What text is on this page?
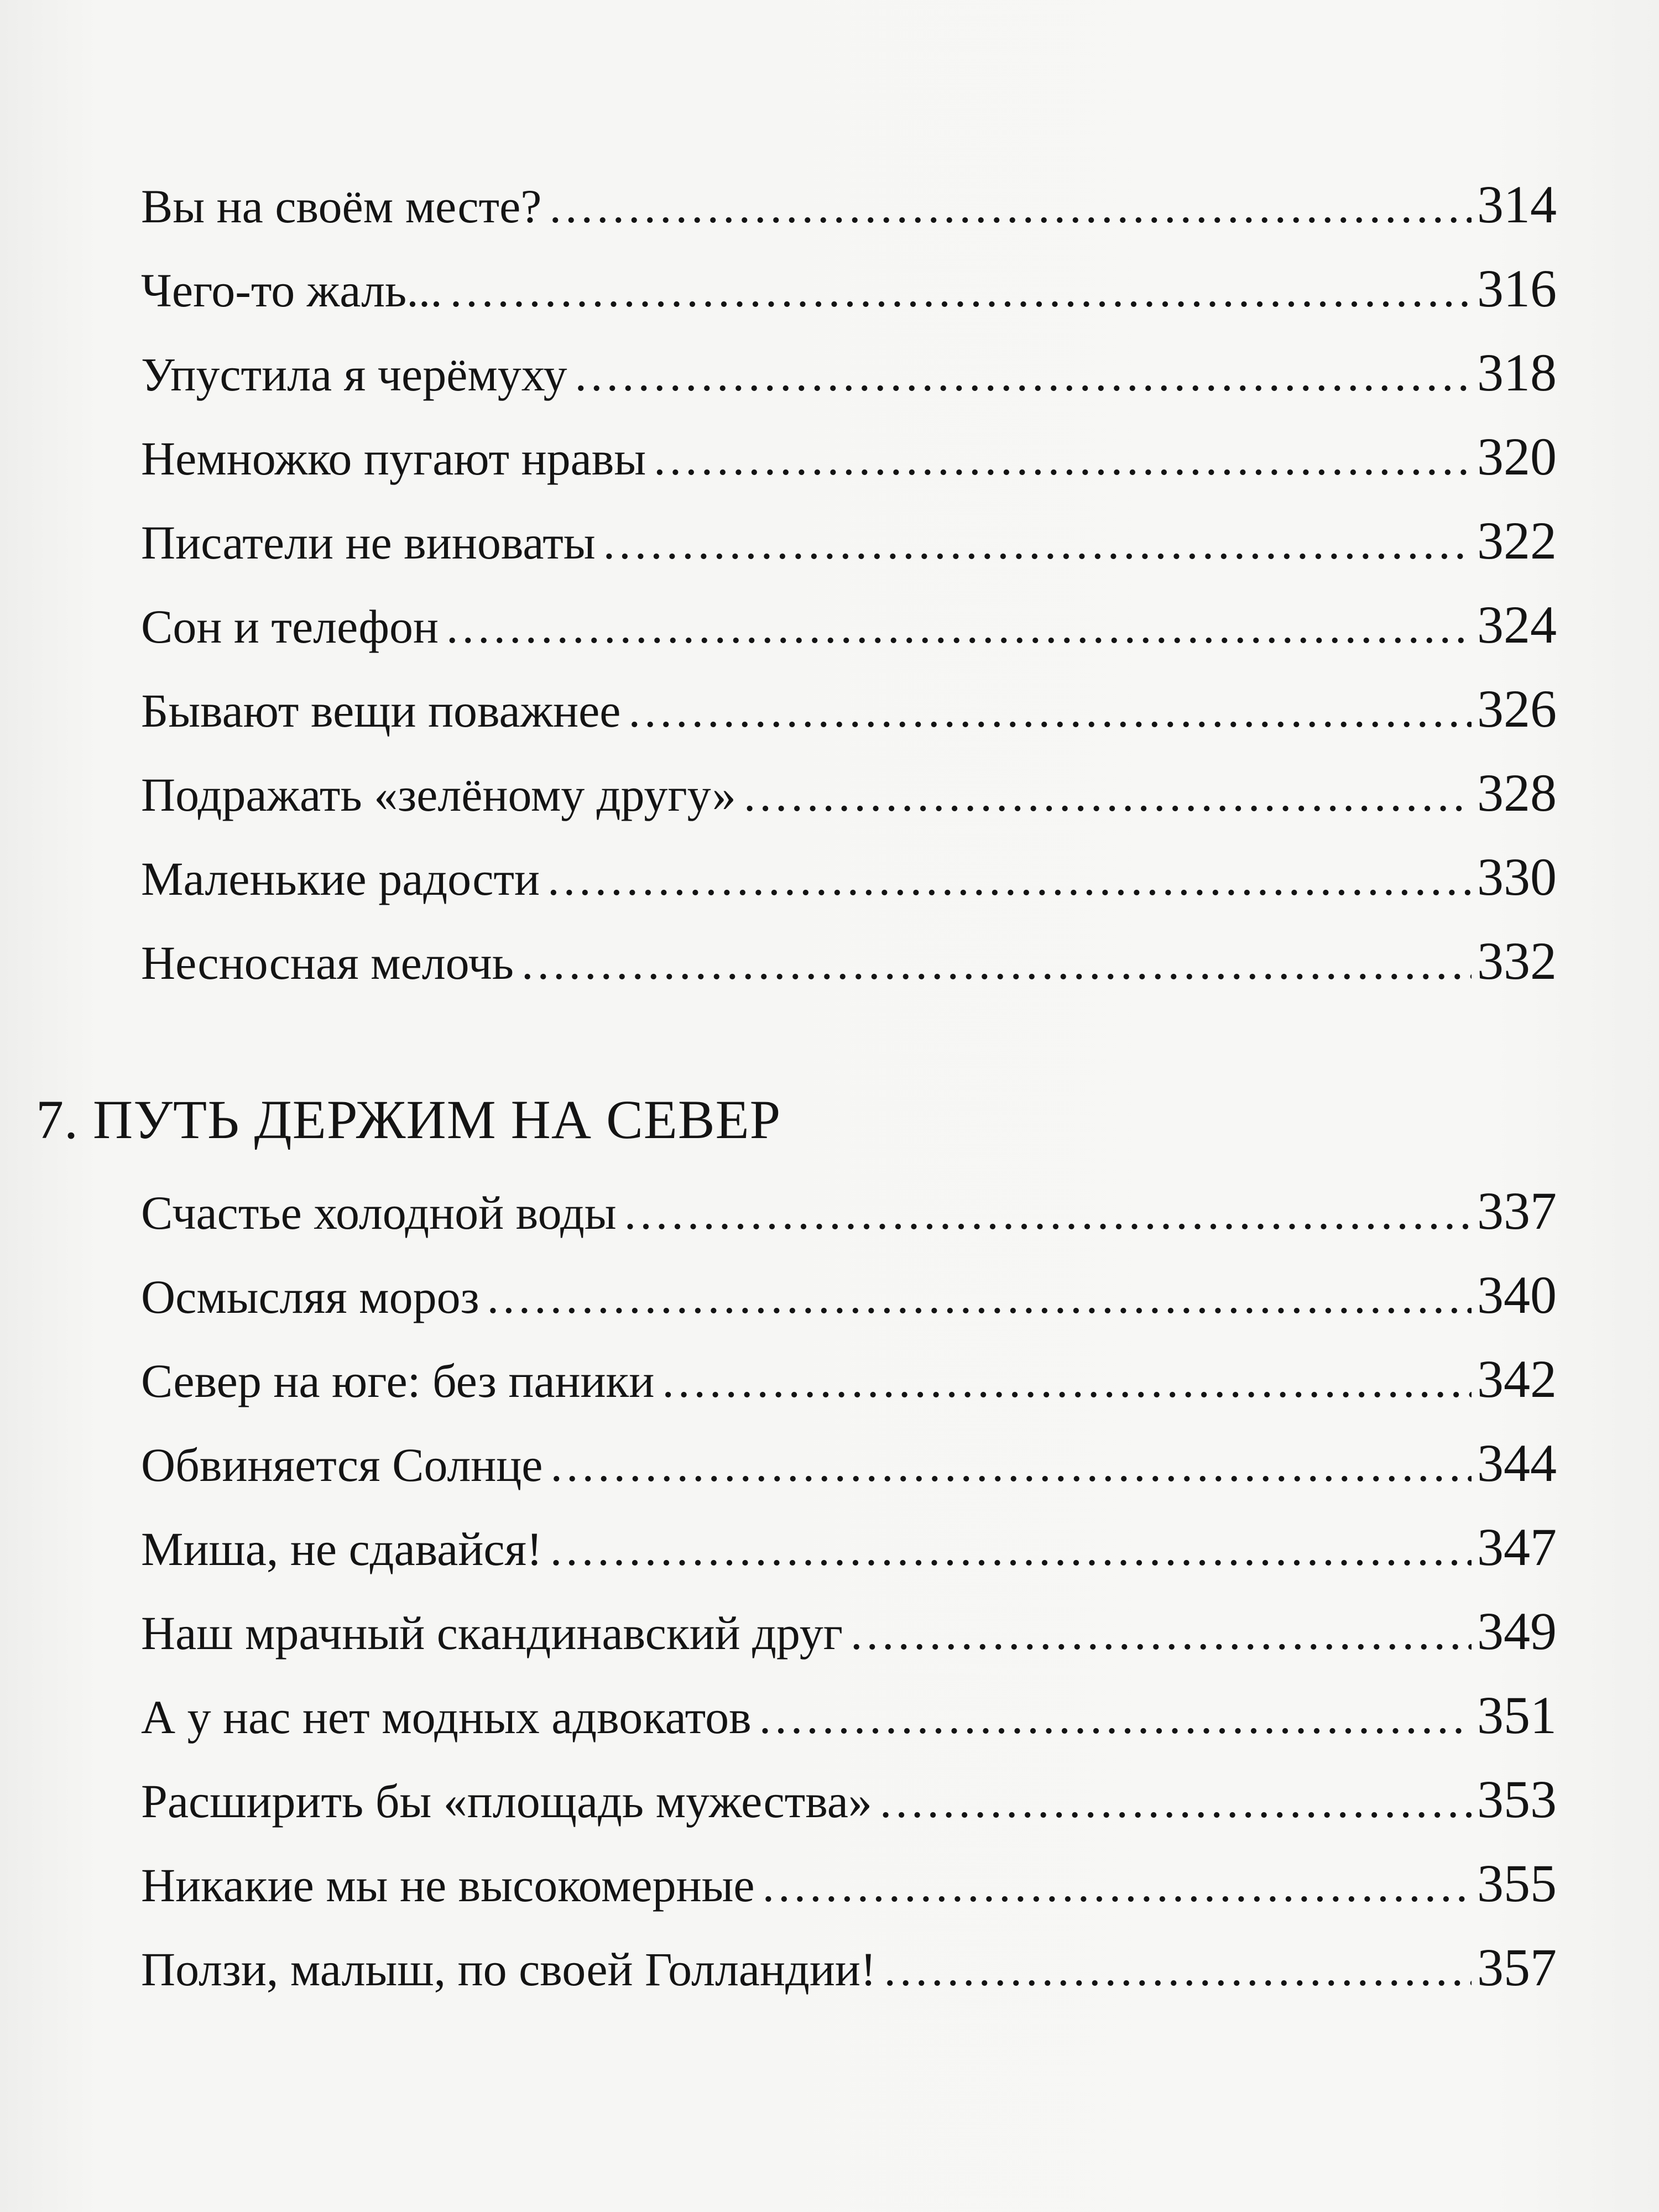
Вы на своём месте? .....	314
Чего-то жаль... .....	316
Упустила я черёмуху .....	318
Немножко пугают нравы .....	320
Писатели не виноваты .....	322
Сон и телефон .....	324
Бывают вещи поважнее .....	326
Подражать «зелёному другу» .....	328
Маленькие радости .....	330
Несносная мелочь .....	332
7. ПУТЬ ДЕРЖИМ НА СЕВЕР
Счастье холодной воды .....	337
Осмысляя мороз .....	340
Север на юге: без паники .....	342
Обвиняется Солнце .....	344
Миша, не сдавайся! .....	347
Наш мрачный скандинавский друг .....	349
А у нас нет модных адвокатов .....	351
Расширить бы «площадь мужества» .....	353
Никакие мы не высокомерные .....	355
Ползи, малыш, по своей Голландии! .....	357
